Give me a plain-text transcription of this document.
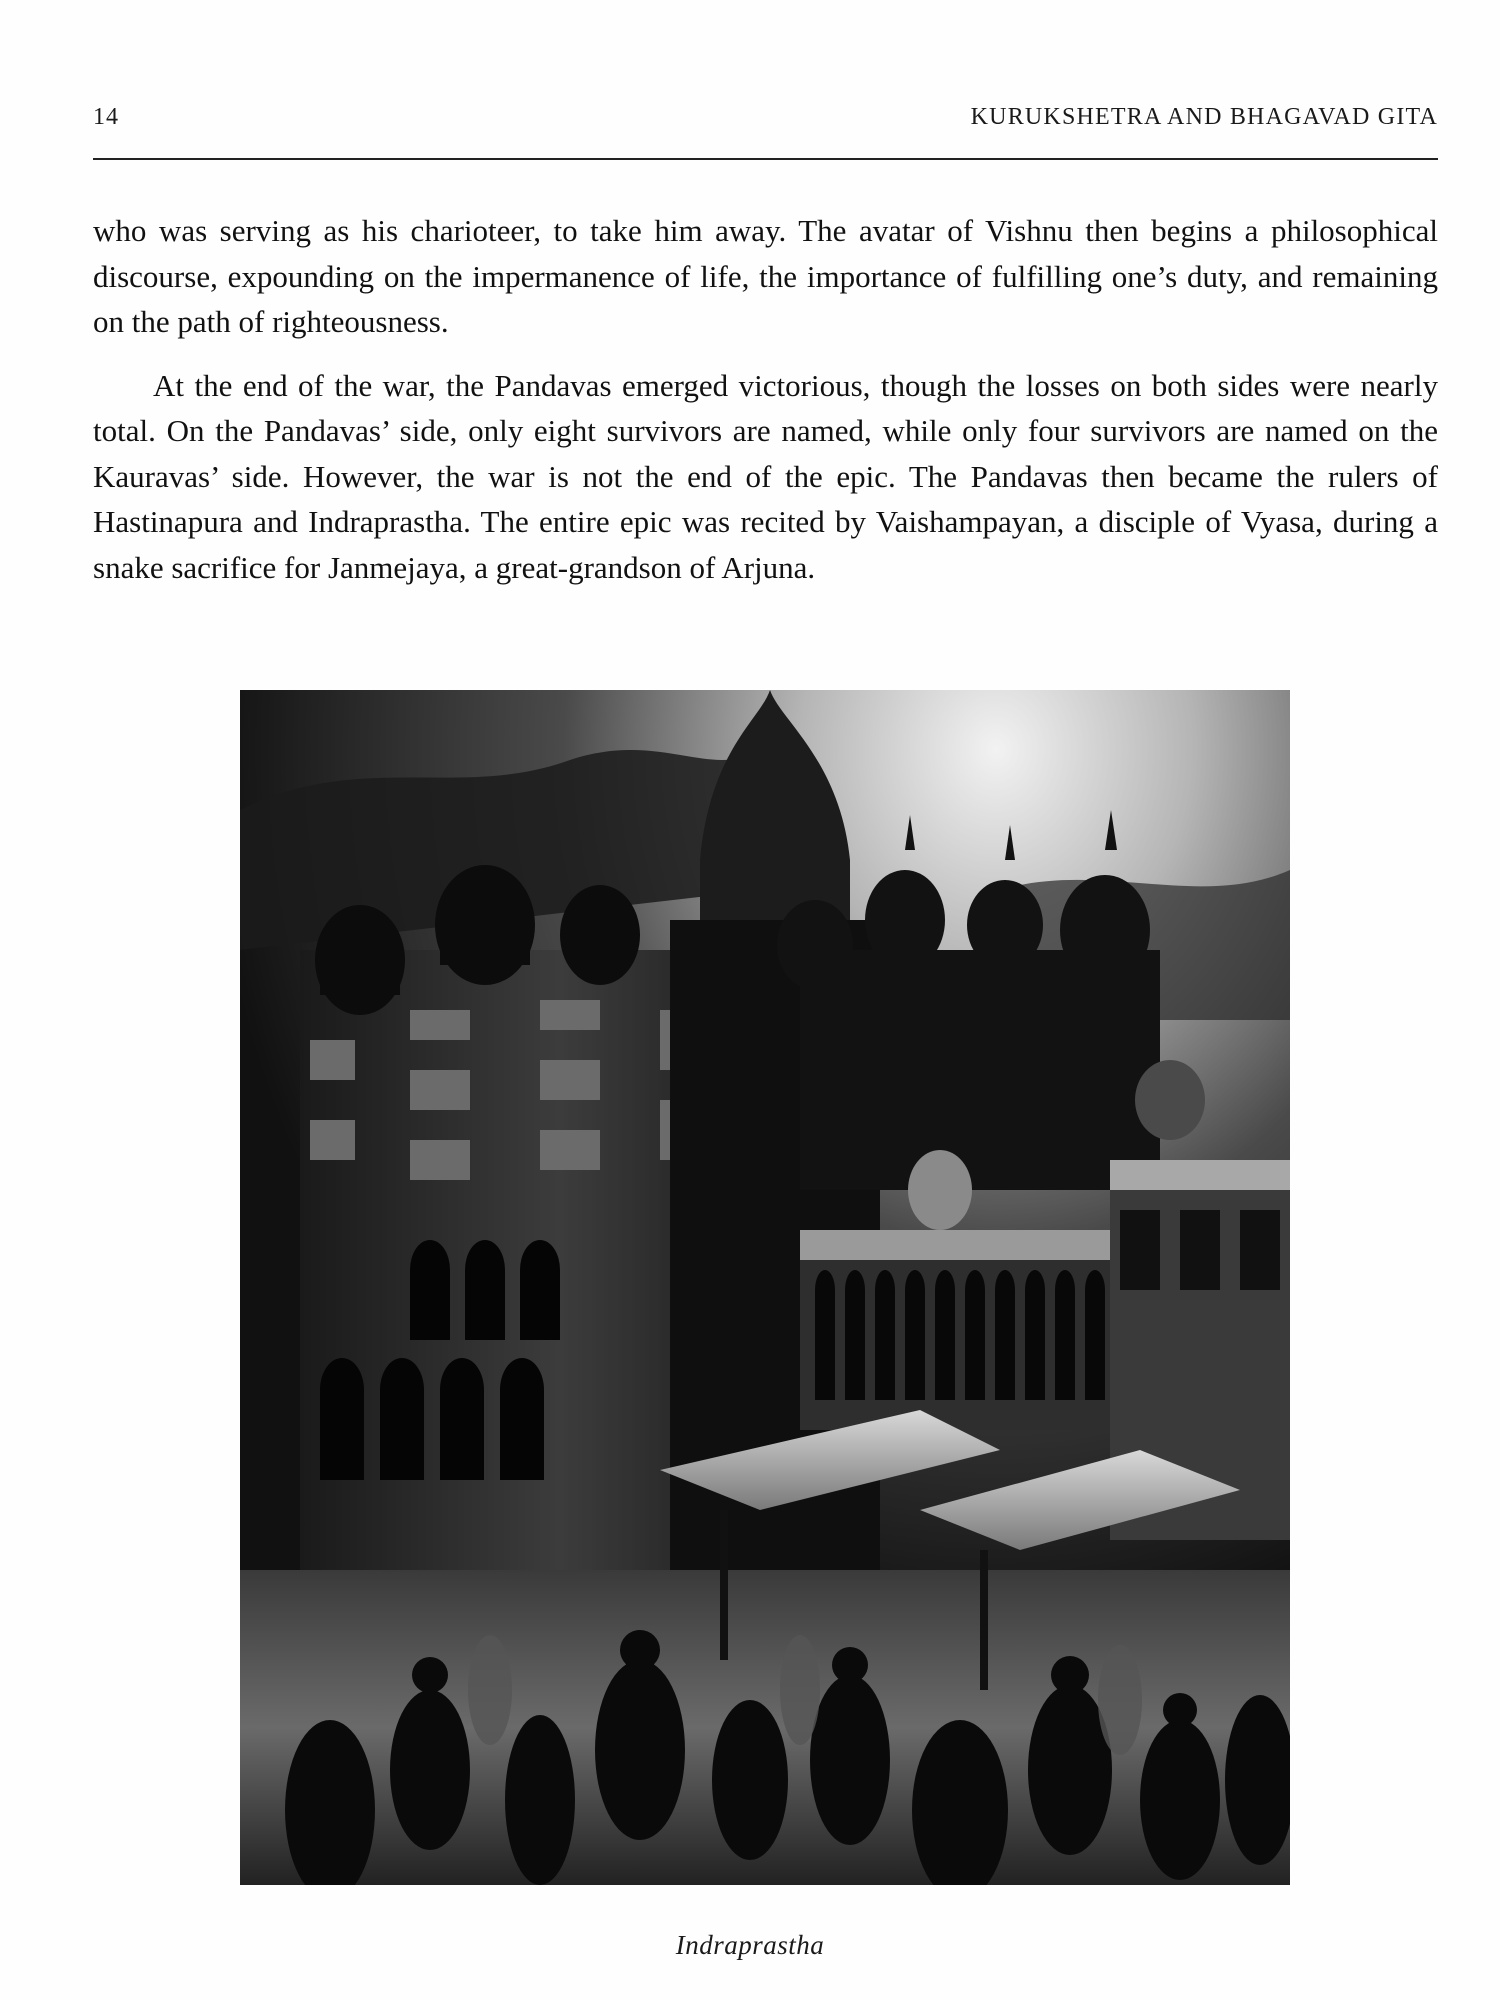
14	KURUKSHETRA AND BHAGAVAD GITA

who was serving as his charioteer, to take him away. The avatar of Vishnu then begins a philosophical discourse, expounding on the impermanence of life, the importance of fulfilling one’s duty, and remaining on the path of righteousness.

At the end of the war, the Pandavas emerged victorious, though the losses on both sides were nearly total. On the Pandavas’ side, only eight survivors are named, while only four survivors are named on the Kauravas’ side. However, the war is not the end of the epic. The Pandavas then became the rulers of Hastinapura and Indraprastha. The entire epic was recited by Vaishampayan, a disciple of Vyasa, during a snake sacrifice for Janmejaya, a great-grandson of Arjuna.

Indraprastha
